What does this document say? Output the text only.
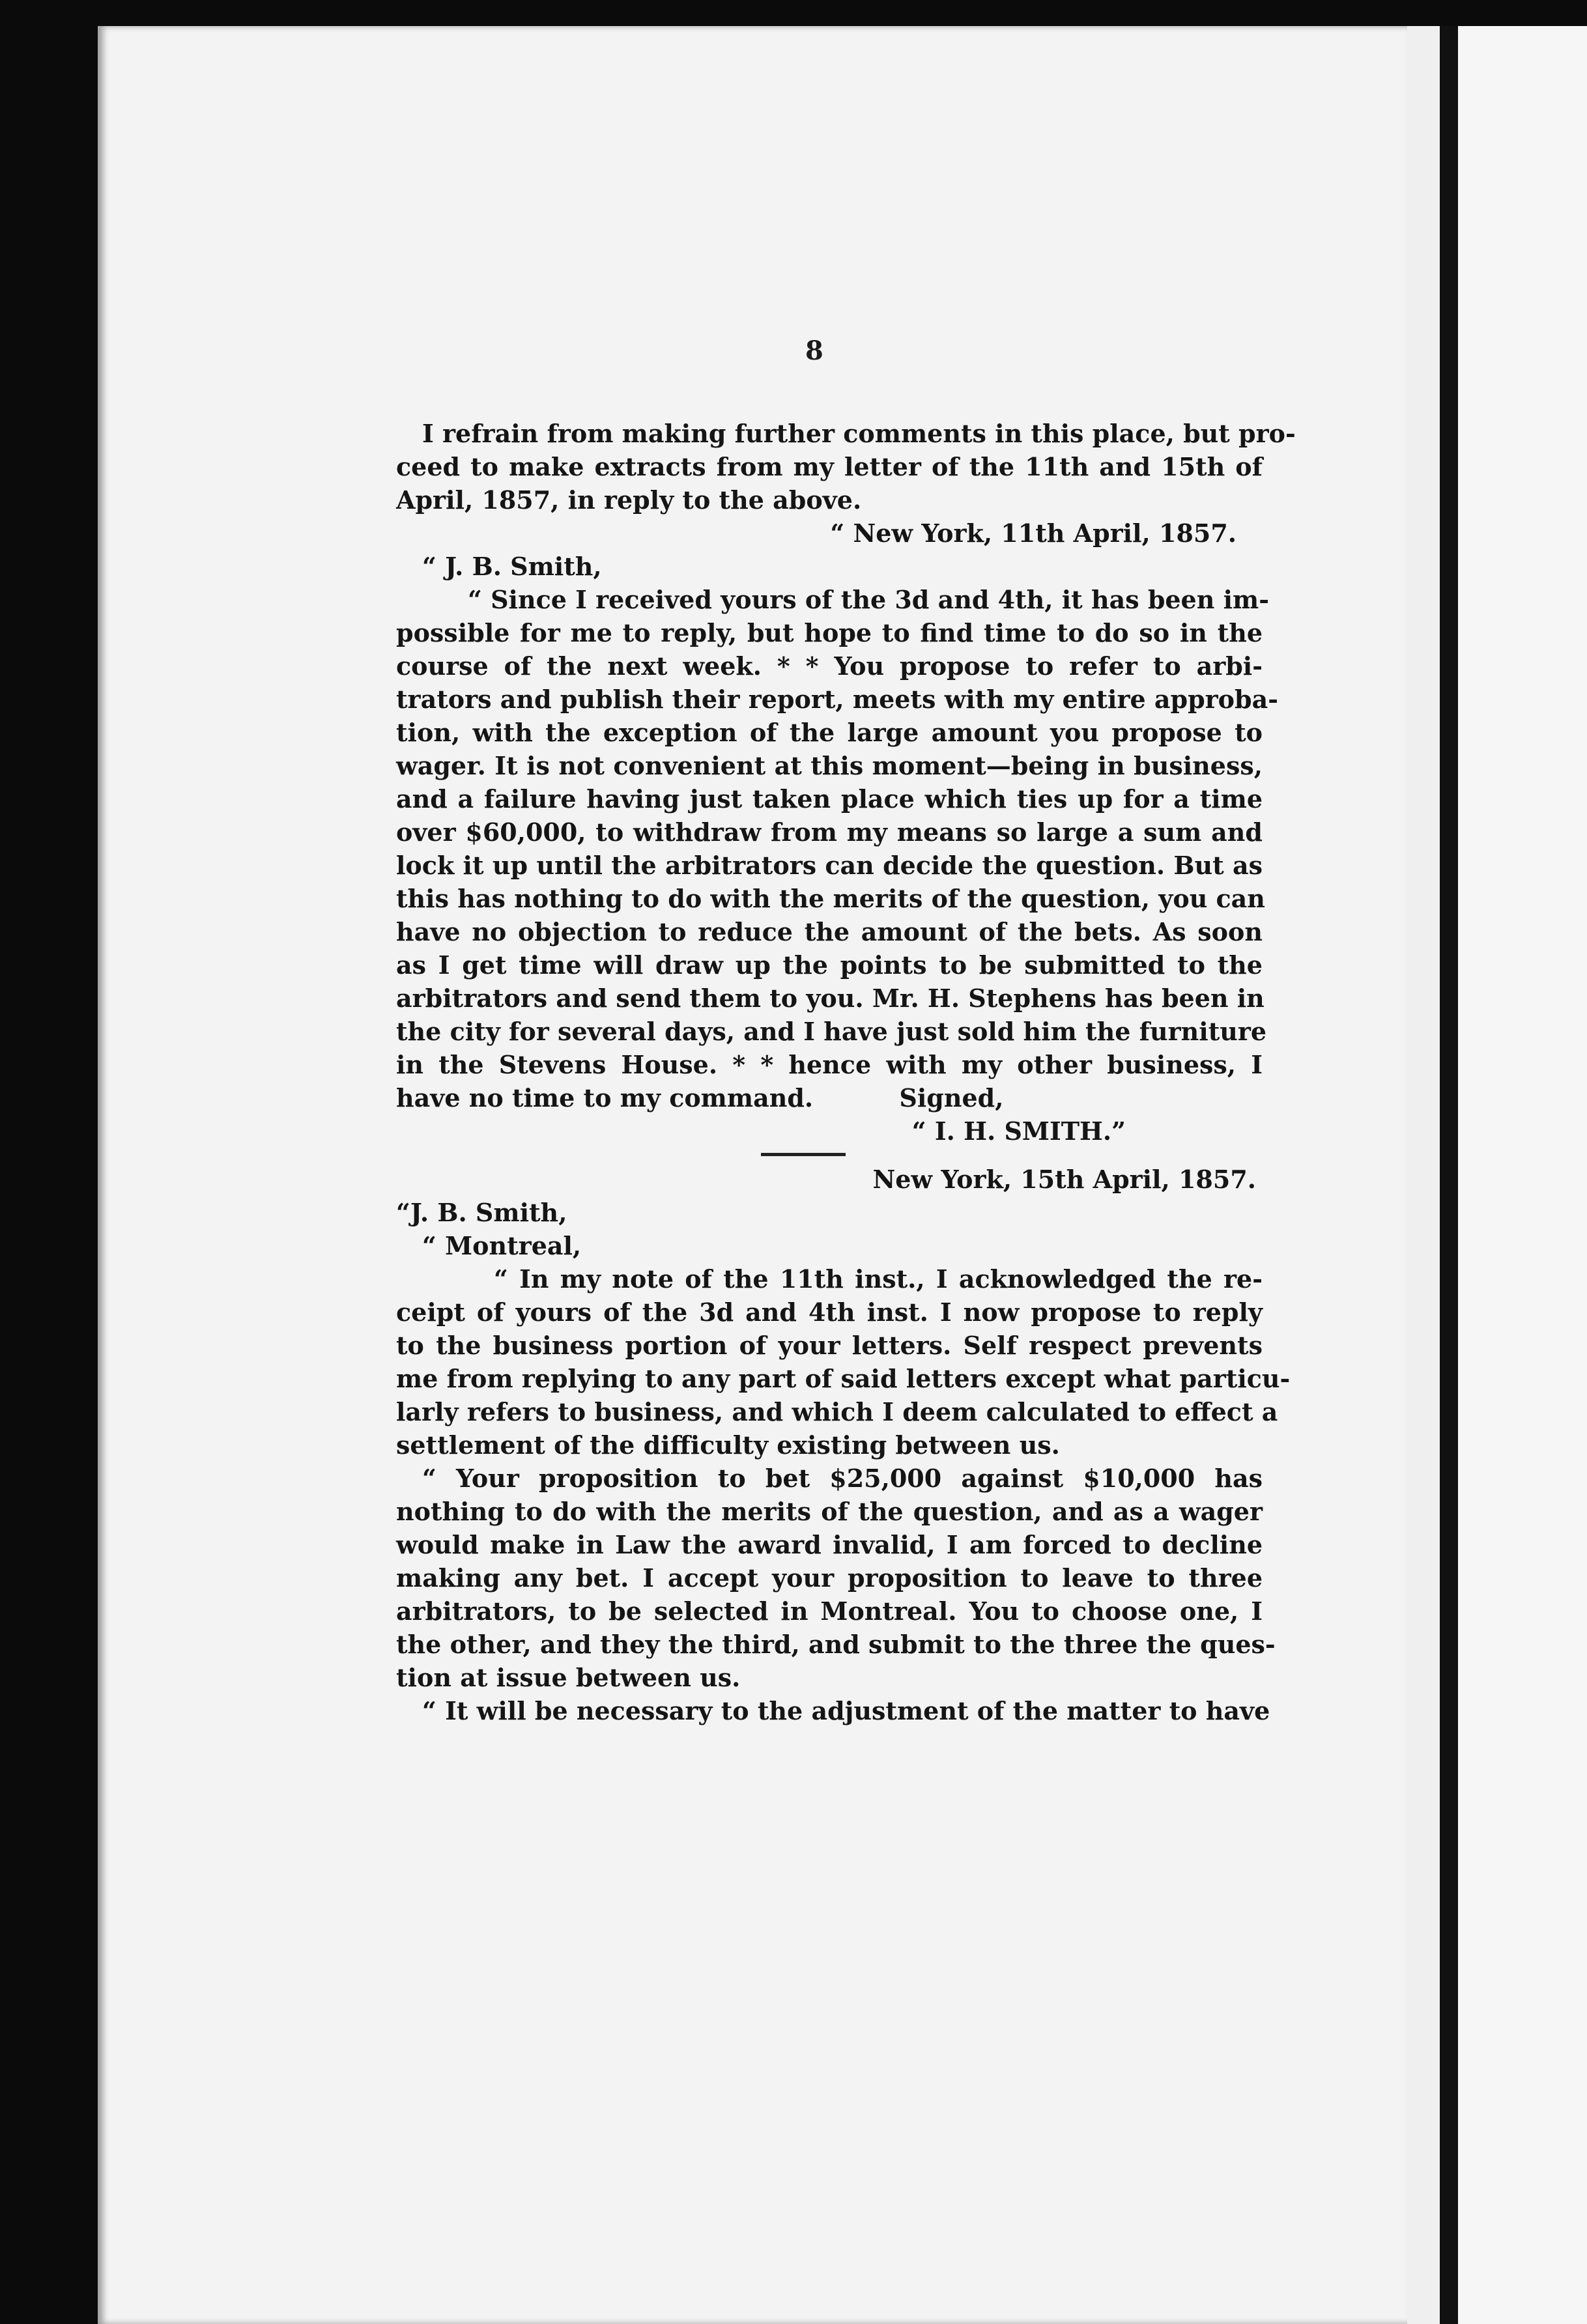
8
I refrain from making further comments in this place, but pro-
ceed to make extracts from my letter of the 11th and 15th of
April, 1857, in reply to the above.
“ New York, 11th April, 1857.
“ J. B. Smith,
“ Since I received yours of the 3d and 4th, it has been im-
possible for me to reply, but hope to find time to do so in the
course of the next week. * * You propose to refer to arbi-
trators and publish their report, meets with my entire approba-
tion, with the exception of the large amount you propose to
wager. It is not convenient at this moment—being in business,
and a failure having just taken place which ties up for a time
over $60,000, to withdraw from my means so large a sum and
lock it up until the arbitrators can decide the question. But as
this has nothing to do with the merits of the question, you can
have no objection to reduce the amount of the bets. As soon
as I get time will draw up the points to be submitted to the
arbitrators and send them to you. Mr. H. Stephens has been in
the city for several days, and I have just sold him the furniture
in the Stevens House. * * hence with my other business, I
have no time to my command.          Signed,
“ I. H. SMITH.”
New York, 15th April, 1857.
“J. B. Smith,
“ Montreal,
“ In my note of the 11th inst., I acknowledged the re-
ceipt of yours of the 3d and 4th inst. I now propose to reply
to the business portion of your letters. Self respect prevents
me from replying to any part of said letters except what particu-
larly refers to business, and which I deem calculated to effect a
settlement of the difficulty existing between us.
“ Your proposition to bet $25,000 against $10,000 has
nothing to do with the merits of the question, and as a wager
would make in Law the award invalid, I am forced to decline
making any bet. I accept your proposition to leave to three
arbitrators, to be selected in Montreal. You to choose one, I
the other, and they the third, and submit to the three the ques-
tion at issue between us.
“ It will be necessary to the adjustment of the matter to have
